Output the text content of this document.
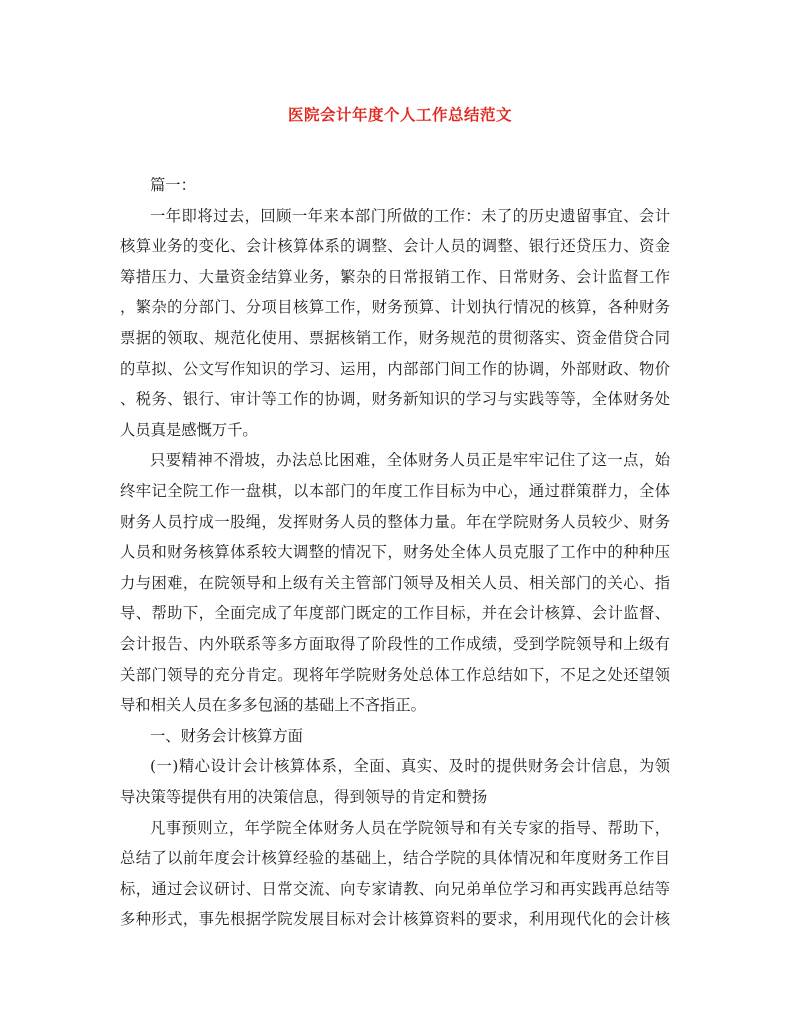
医院会计年度个人工作总结范文
篇一：
一年即将过去，回顾一年来本部门所做的工作：未了的历史遗留事宜、会计
核算业务的变化、会计核算体系的调整、会计人员的调整、银行还贷压力、资金
筹措压力、大量资金结算业务，繁杂的日常报销工作、日常财务、会计监督工作
，繁杂的分部门、分项目核算工作，财务预算、计划执行情况的核算，各种财务
票据的领取、规范化使用、票据核销工作，财务规范的贯彻落实、资金借贷合同
的草拟、公文写作知识的学习、运用，内部部门间工作的协调，外部财政、物价
、税务、银行、审计等工作的协调，财务新知识的学习与实践等等，全体财务处
人员真是感慨万千。
只要精神不滑坡，办法总比困难，全体财务人员正是牢牢记住了这一点，始
终牢记全院工作一盘棋，以本部门的年度工作目标为中心，通过群策群力，全体
财务人员拧成一股绳，发挥财务人员的整体力量。年在学院财务人员较少、财务
人员和财务核算体系较大调整的情况下，财务处全体人员克服了工作中的种种压
力与困难，在院领导和上级有关主管部门领导及相关人员、相关部门的关心、指
导、帮助下，全面完成了年度部门既定的工作目标，并在会计核算、会计监督、
会计报告、内外联系等多方面取得了阶段性的工作成绩，受到学院领导和上级有
关部门领导的充分肯定。现将年学院财务处总体工作总结如下，不足之处还望领
导和相关人员在多多包涵的基础上不吝指正。
一、财务会计核算方面
(一)精心设计会计核算体系，全面、真实、及时的提供财务会计信息，为领
导决策等提供有用的决策信息，得到领导的肯定和赞扬
凡事预则立，年学院全体财务人员在学院领导和有关专家的指导、帮助下，
总结了以前年度会计核算经验的基础上，结合学院的具体情况和年度财务工作目
标，通过会议研讨、日常交流、向专家请教、向兄弟单位学习和再实践再总结等
多种形式，事先根据学院发展目标对会计核算资料的要求，利用现代化的会计核
